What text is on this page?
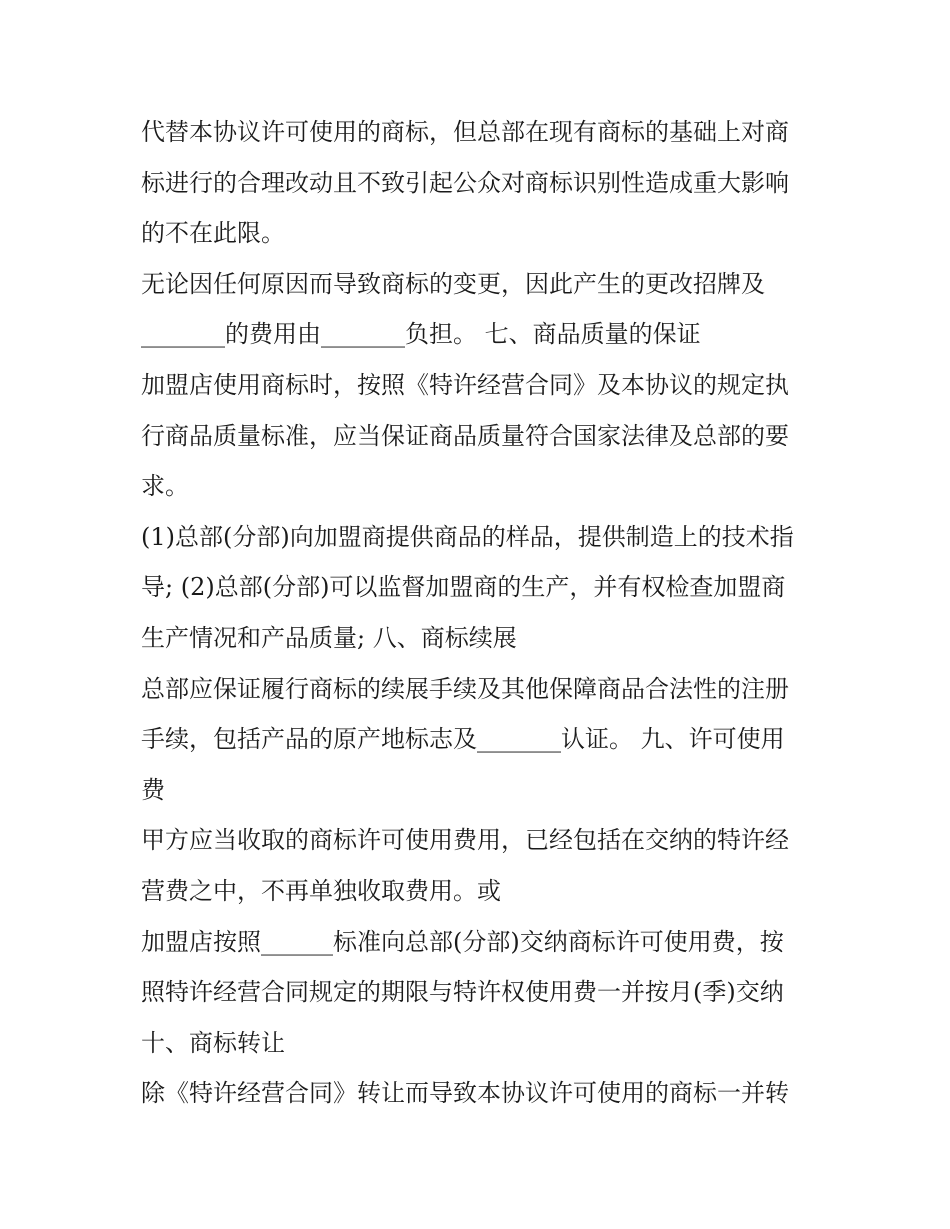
代替本协议许可使用的商标，但总部在现有商标的基础上对商
标进行的合理改动且不致引起公众对商标识别性造成重大影响
的不在此限。
无论因任何原因而导致商标的变更，因此产生的更改招牌及
_______的费用由_______负担。 七、商品质量的保证
加盟店使用商标时，按照《特许经营合同》及本协议的规定执
行商品质量标准，应当保证商品质量符合国家法律及总部的要
求。
(1)总部(分部)向加盟商提供商品的样品，提供制造上的技术指
导; (2)总部(分部)可以监督加盟商的生产，并有权检查加盟商
生产情况和产品质量; 八、商标续展
总部应保证履行商标的续展手续及其他保障商品合法性的注册
手续，包括产品的原产地标志及_______认证。 九、许可使用
费
甲方应当收取的商标许可使用费用，已经包括在交纳的特许经
营费之中，不再单独收取费用。或
加盟店按照______标准向总部(分部)交纳商标许可使用费，按
照特许经营合同规定的期限与特许权使用费一并按月(季)交纳
十、商标转让
除《特许经营合同》转让而导致本协议许可使用的商标一并转
